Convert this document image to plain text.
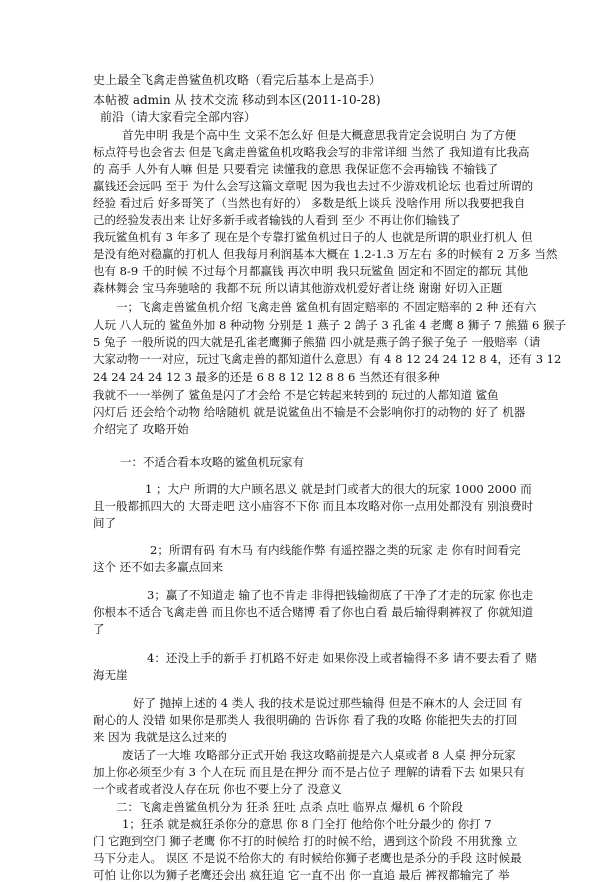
史上最全飞禽走兽鲨鱼机攻略（看完后基本上是高手）
本帖被 admin 从 技术交流 移动到本区(2011-10-28)
前沿（请大家看完全部内容）
首先申明 我是个高中生 文采不怎么好 但是大概意思我肯定会说明白 为了方便
标点符号也会省去 但是飞禽走兽鲨鱼机攻略我会写的非常详细 当然了 我知道有比我高
的 高手 人外有人嘛 但是 只要看完 读懂我的意思 我保证您不会再输钱 不输钱了
赢钱还会远吗 至于 为什么会写这篇文章呢 因为我也去过不少游戏机论坛 也看过所谓的
经验 看过后 好多哥笑了（当然也有好的） 多数是纸上谈兵 没啥作用 所以我要把我自
己的经验发表出来 让好多新手或者输钱的人看到 至少 不再让你们输钱了
我玩鲨鱼机有 3 年多了 现在是个专靠打鲨鱼机过日子的人 也就是所谓的职业打机人 但
是没有绝对稳赢的打机人 但我每月利润基本大概在 1.2-1.3 万左右 多的时候有 2 万多 当然
也有 8-9 千的时候 不过每个月都赢钱 再次申明 我只玩鲨鱼 固定和不固定的都玩 其他
森林舞会 宝马奔驰啥的 我都不玩 所以请其他游戏机爱好者让绕 谢谢 好切入正题
一；飞禽走兽鲨鱼机介绍 飞禽走兽 鲨鱼机有固定赔率的 不固定赔率的 2 种 还有六
人玩 八人玩的 鲨鱼外加 8 种动物 分别是 1 燕子 2 鸽子 3 孔雀 4 老鹰 8 狮子 7 熊猫 6 猴子
5 兔子 一般所说的四大就是孔雀老鹰狮子熊猫 四小就是燕子鸽子猴子兔子 一般赔率（请
大家动物一一对应，玩过飞禽走兽的都知道什么意思）有 4 8 12 24 24 12 8 4，还有 3 12
24 24 24 24 12 3 最多的还是 6 8 8 12 12 8 8 6 当然还有很多种
我就不一一举例了 鲨鱼是闪了才会给 不是它转起来转到的 玩过的人都知道 鲨鱼
闪灯后 还会给个动物 给啥随机 就是说鲨鱼出不输是不会影响你打的动物的 好了 机器
介绍完了 攻略开始
一：不适合看本攻略的鲨鱼机玩家有
1 ；大户 所谓的大户顾名思义 就是封门或者大的很大的玩家 1000 2000 而
且一般都抓四大的 大哥走吧 这小庙容不下你 而且本攻略对你一点用处都没有 别浪费时
间了
2；所谓有码 有木马 有内线能作弊 有遥控器之类的玩家 走 你有时间看完
这个 还不如去多赢点回来
3；赢了不知道走 输了也不肯走 非得把钱输彻底了干净了才走的玩家 你也走
你根本不适合飞禽走兽 而且你也不适合赌博 看了你也白看 最后输得剩裤衩了 你就知道
了
4：还没上手的新手 打机路不好走 如果你没上或者输得不多 请不要去看了 赌
海无崖
好了 抛掉上述的 4 类人 我的技术是说过那些输得 但是不麻木的人 会迂回 有
耐心的人 没错 如果你是那类人 我很明确的 告诉你 看了我的攻略 你能把失去的打回
来 因为 我就是这么过来的
废话了一大堆 攻略部分正式开始 我这攻略前提是六人桌或者 8 人桌 押分玩家
加上你必须至少有 3 个人在玩 而且是在押分 而不是占位子 理解的请看下去 如果只有
一个或者或者没人存在玩 你也不要上分了 没意义
二：飞禽走兽鲨鱼机分为 狂杀 狂吐 点杀 点吐 临界点 爆机 6 个阶段
1；狂杀 就是疯狂杀你分的意思 你 8 门全打 他给你个吐分最少的 你打 7
门 它跑到空门 狮子老鹰 你不打的时候给 打的时候不给，遇到这个阶段 不用犹豫 立
马下分走人。 误区 不是说不给你大的 有时候给你狮子老鹰也是杀分的手段 这时候最
可怕 让你以为狮子老鹰还会出 疯狂追 它一直不出 你一直追 最后 裤衩都输完了 举
